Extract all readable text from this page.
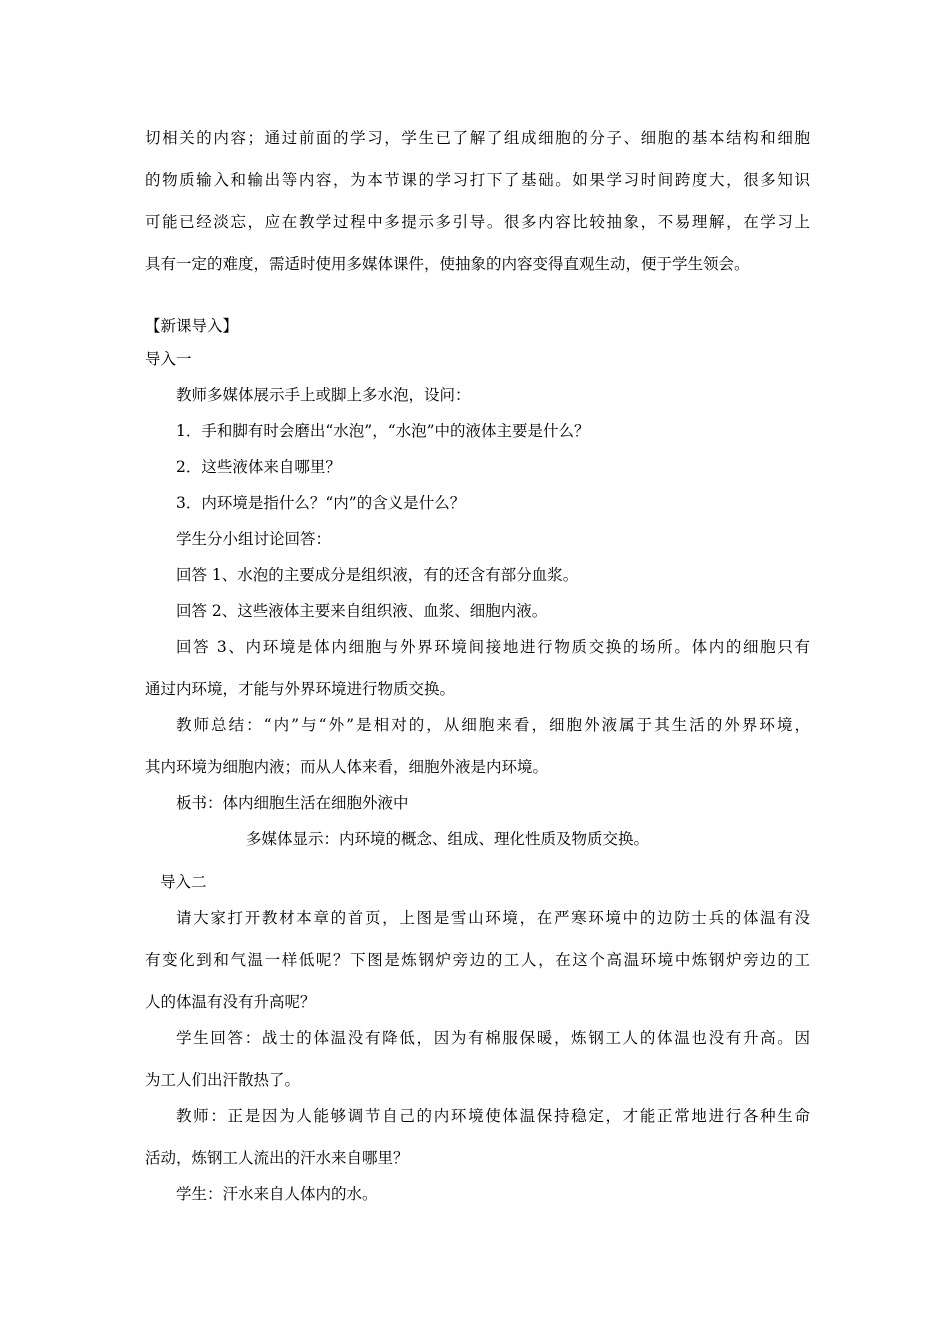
切相关的内容；通过前面的学习，学生已了解了组成细胞的分子、细胞的基本结构和细胞
的物质输入和输出等内容，为本节课的学习打下了基础。如果学习时间跨度大，很多知识
可能已经淡忘，应在教学过程中多提示多引导。很多内容比较抽象，不易理解，在学习上
具有一定的难度，需适时使用多媒体课件，使抽象的内容变得直观生动，便于学生领会。
【新课导入】
导入一
教师多媒体展示手上或脚上多水泡，设问：
1．手和脚有时会磨出“水泡”，“水泡”中的液体主要是什么？
2．这些液体来自哪里？
3．内环境是指什么？“内”的含义是什么？
学生分小组讨论回答：
回答 1、水泡的主要成分是组织液，有的还含有部分血浆。
回答 2、这些液体主要来自组织液、血浆、细胞内液。
回答 3、内环境是体内细胞与外界环境间接地进行物质交换的场所。体内的细胞只有
通过内环境，才能与外界环境进行物质交换。
教师总结：“内”与“外”是相对的，从细胞来看，细胞外液属于其生活的外界环境，
其内环境为细胞内液；而从人体来看，细胞外液是内环境。
板书：体内细胞生活在细胞外液中
多媒体显示：内环境的概念、组成、理化性质及物质交换。
导入二
请大家打开教材本章的首页，上图是雪山环境，在严寒环境中的边防士兵的体温有没
有变化到和气温一样低呢？下图是炼钢炉旁边的工人，在这个高温环境中炼钢炉旁边的工
人的体温有没有升高呢？
学生回答：战士的体温没有降低，因为有棉服保暖，炼钢工人的体温也没有升高。因
为工人们出汗散热了。
教师：正是因为人能够调节自己的内环境使体温保持稳定，才能正常地进行各种生命
活动，炼钢工人流出的汗水来自哪里？
学生：汗水来自人体内的水。
